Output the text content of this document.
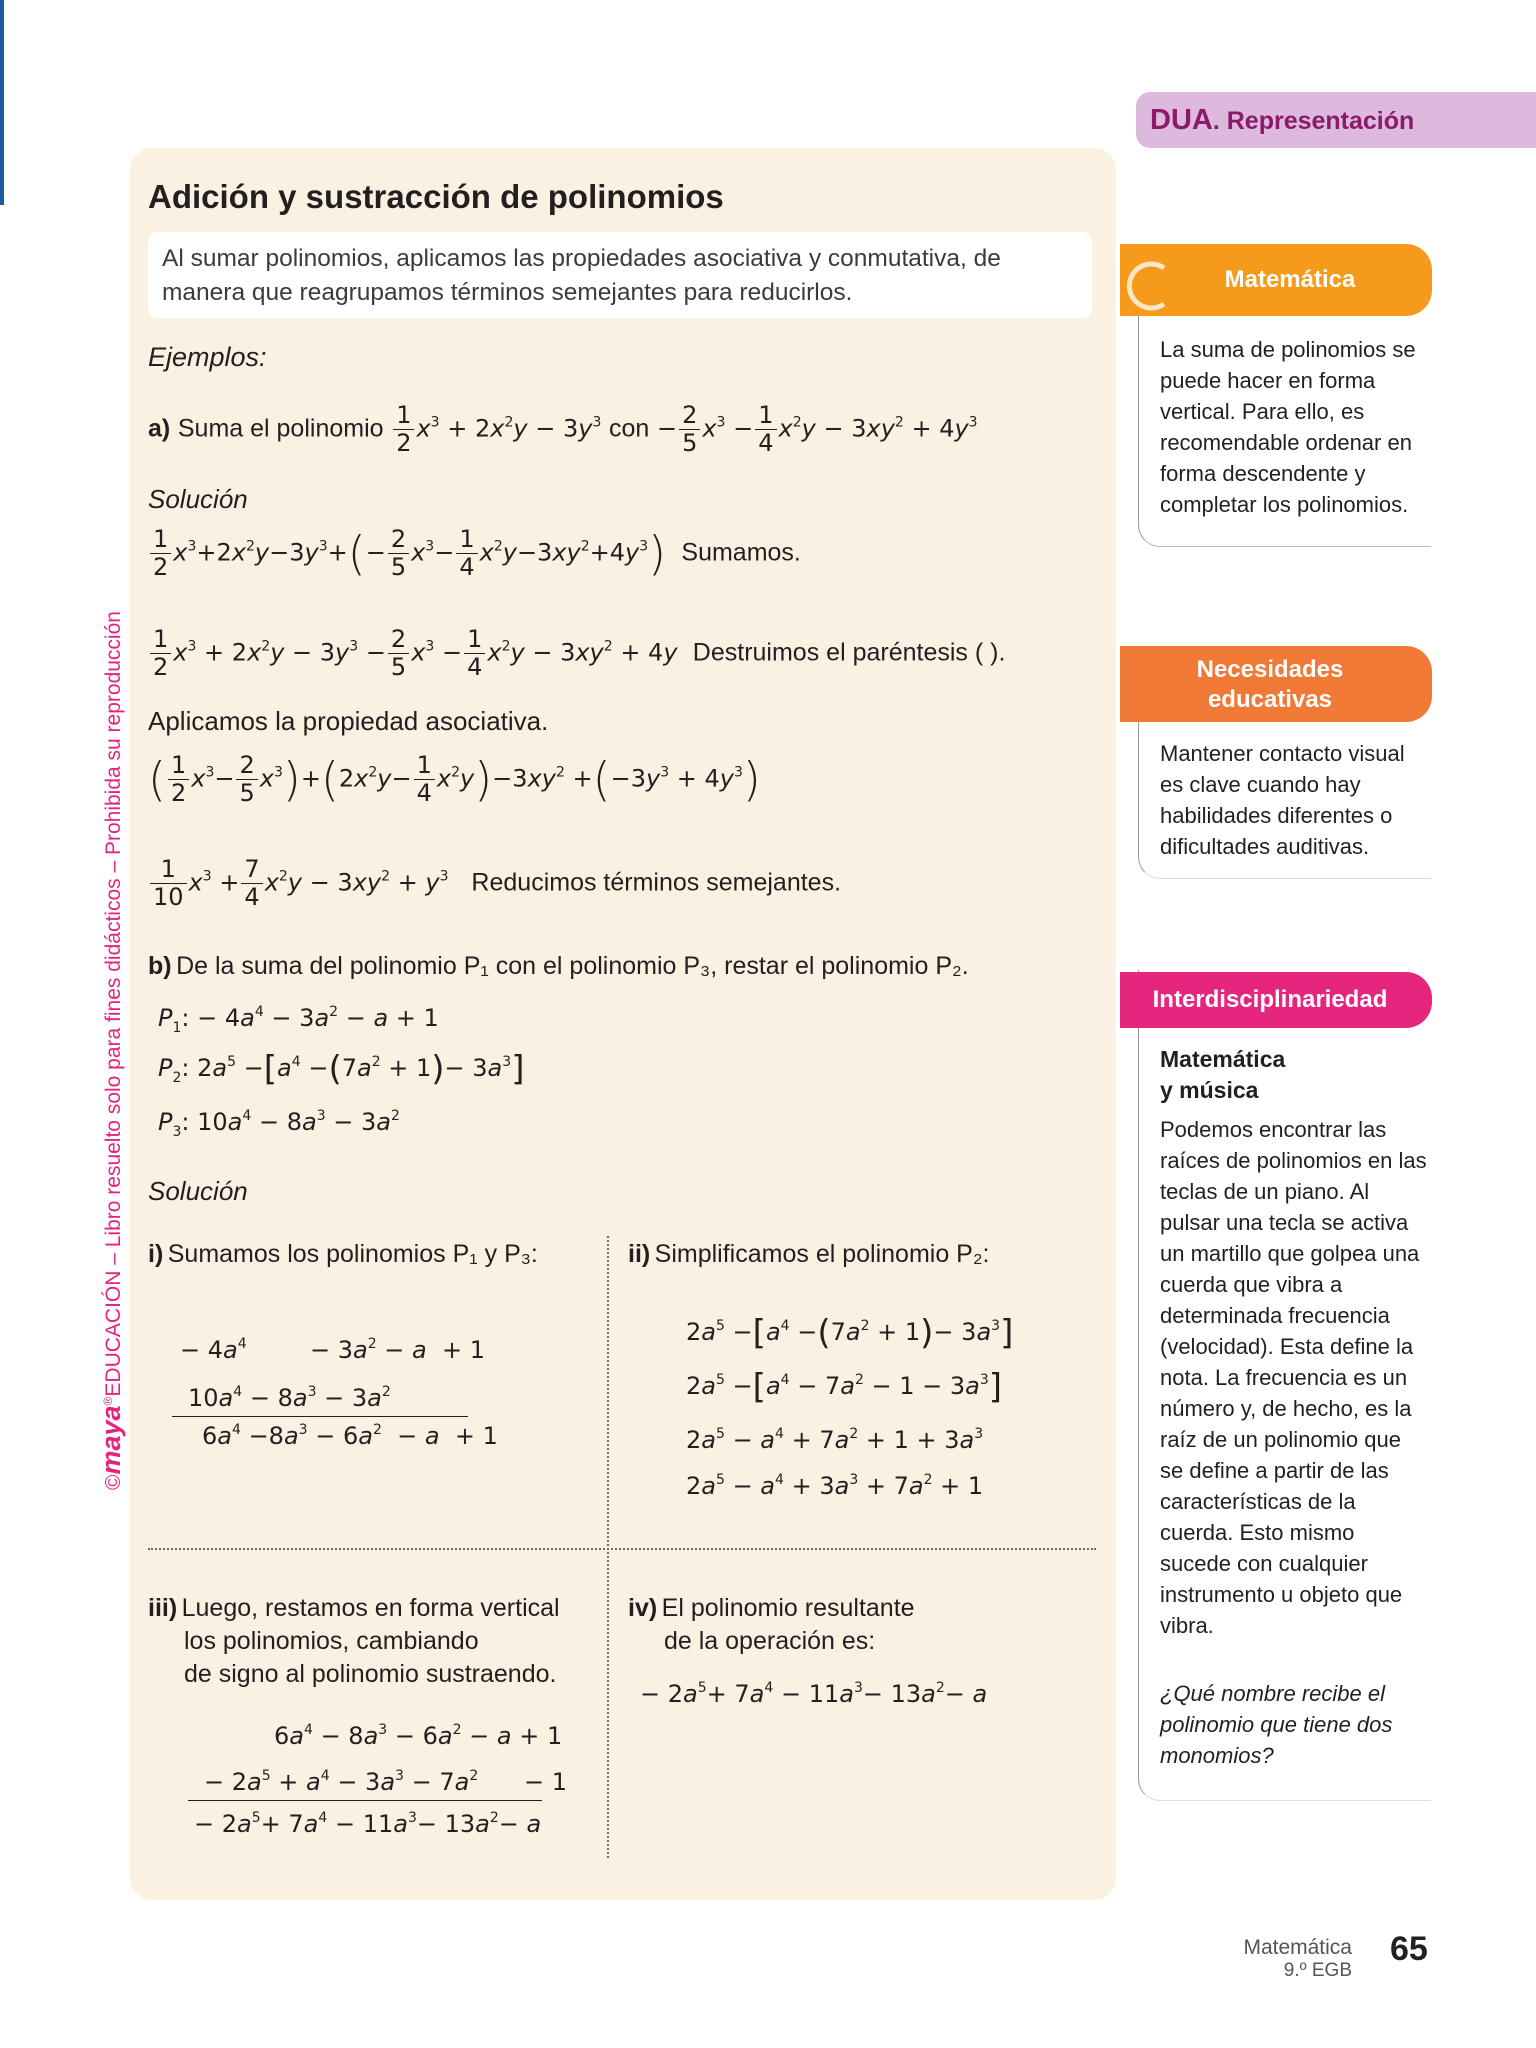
DUA. Representación
©maya®EDUCACIÓN – Libro resuelto solo para fines didácticos – Prohibida su reproducción
Adición y sustracción de polinomios
Al sumar polinomios, aplicamos las propiedades asociativa y conmutativa, de manera que reagrupamos términos semejantes para reducirlos.
Ejemplos:
a) Suma el polinomio $\frac{1}{2} x^3 + 2x^2y - 3y^3$ con − $\frac{2}{5} x^3 - \frac{1}{4} x^2y - 3xy^2 + 4y^3$
Solución
$\frac{1}{2} x^3+2x^2y-3y^3+(- \frac{2}{5} x^3- \frac{1}{4} x^2y-3xy^2+4y^3)$ Sumamos.
$\frac{1}{2} x^3 + 2x^2y - 3y^3 - \frac{2}{5} x^3 - \frac{1}{4} x^2y - 3xy^2 + 4y$  Destruimos el paréntesis ( ).
Aplicamos la propiedad asociativa.
( $\frac{1}{2} x^3- \frac{2}{5} x^3)+(2x^2y- \frac{1}{4} x^2y)-3xy^2 +(-3y^3 + 4y^3)$
$\frac{1}{10} x^3 + \frac{7}{4} x^2y - 3xy^2 + y^3$ Reducimos términos semejantes.
b) De la suma del polinomio P₁ con el polinomio P₃, restar el polinomio P₂.
$P_1$: − $4a^4 - 3a^2 - a + 1$
$P_2$: $2a^5 -[a^4 -(7a^2 + 1)- 3a^3]$
$P_3$: $10a^4 - 8a^3 - 3a^2$
Solución
i) Sumamos los polinomios P₁ y P₃:
− $4a^4$	− $3a^2 - a + 1$
$10a^4 - 8a^3 - 3a^2$
$6a^4 -8a^3 - 6a^2 - a + 1$
ii) Simplificamos el polinomio P₂:
$2a^5 -[a^4 -(7a^2 + 1)- 3a^3]$
$2a^5 -[a^4 - 7a^2 - 1 - 3a^3]$
$2a^5 - a^4 + 7a^2 + 1 + 3a^3$
$2a^5 - a^4 + 3a^3 + 7a^2 + 1$
iii) Luego, restamos en forma vertical
los polinomios, cambiando
de signo al polinomio sustraendo.
$6a^4 - 8a^3 - 6a^2 - a + 1$
− $2a^5 + a^4 - 3a^3 - 7a^2$      − 1
− $2a^5+ 7a^4 - 11a^3- 13a^2- a$
iv) El polinomio resultante
de la operación es:
− $2a^5+ 7a^4 - 11a^3- 13a^2- a$
Matemática
La suma de polinomios se puede hacer en forma vertical. Para ello, es recomendable ordenar en forma descendente y completar los polinomios.
Necesidades
educativas
Mantener contacto visual es clave cuando hay habilidades diferentes o dificultades auditivas.
Interdisciplinariedad
Matemática
y música
Podemos encontrar las raíces de polinomios en las teclas de un piano. Al pulsar una tecla se activa un martillo que golpea una cuerda que vibra a determinada frecuencia (velocidad). Esta define la nota. La frecuencia es un número y, de hecho, es la raíz de un polinomio que se define a partir de las características de la cuerda. Esto mismo sucede con cualquier instrumento u objeto que vibra.
¿Qué nombre recibe el polinomio que tiene dos monomios?
Matemática
9.º EGB
65
